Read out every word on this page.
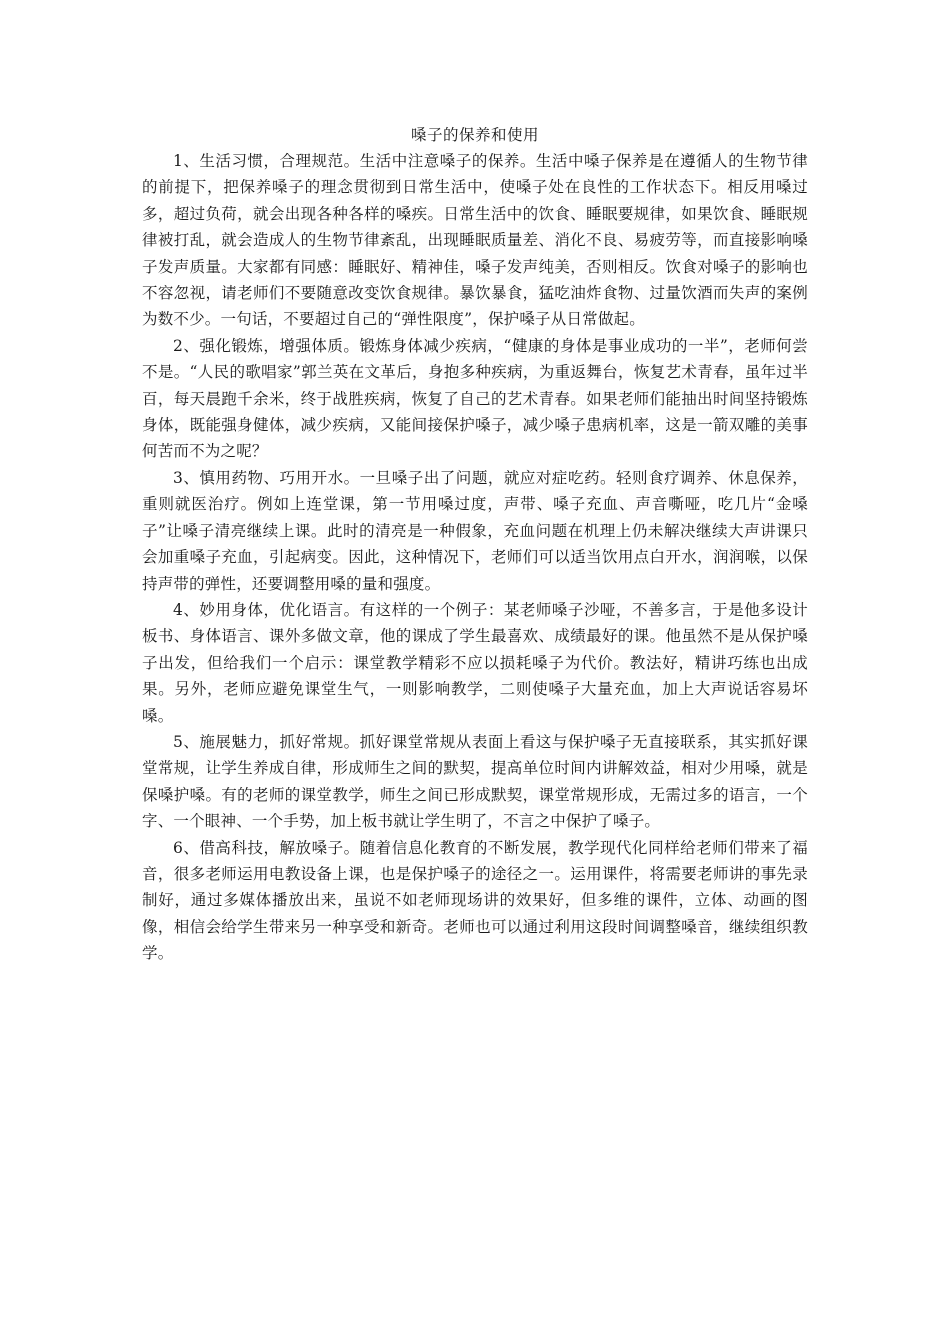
嗓子的保养和使用

1、生活习惯，合理规范。生活中注意嗓子的保养。生活中嗓子保养是在遵循人的生物节律的前提下，把保养嗓子的理念贯彻到日常生活中，使嗓子处在良性的工作状态下。相反用嗓过多，超过负荷，就会出现各种各样的嗓疾。日常生活中的饮食、睡眠要规律，如果饮食、睡眠规律被打乱，就会造成人的生物节律紊乱，出现睡眠质量差、消化不良、易疲劳等，而直接影响嗓子发声质量。大家都有同感：睡眠好、精神佳，嗓子发声纯美，否则相反。饮食对嗓子的影响也不容忽视，请老师们不要随意改变饮食规律。暴饮暴食，猛吃油炸食物、过量饮酒而失声的案例为数不少。一句话，不要超过自己的“弹性限度”，保护嗓子从日常做起。

2、强化锻炼，增强体质。锻炼身体减少疾病，“健康的身体是事业成功的一半”，老师何尝不是。“人民的歌唱家”郭兰英在文革后，身抱多种疾病，为重返舞台，恢复艺术青春，虽年过半百，每天晨跑千余米，终于战胜疾病，恢复了自己的艺术青春。如果老师们能抽出时间坚持锻炼身体，既能强身健体，减少疾病，又能间接保护嗓子，减少嗓子患病机率，这是一箭双雕的美事何苦而不为之呢？

3、慎用药物、巧用开水。一旦嗓子出了问题，就应对症吃药。轻则食疗调养、休息保养，重则就医治疗。例如上连堂课，第一节用嗓过度，声带、嗓子充血、声音嘶哑，吃几片“金嗓子”让嗓子清亮继续上课。此时的清亮是一种假象，充血问题在机理上仍未解决继续大声讲课只会加重嗓子充血，引起病变。因此，这种情况下，老师们可以适当饮用点白开水，润润喉，以保持声带的弹性，还要调整用嗓的量和强度。

4、妙用身体，优化语言。有这样的一个例子：某老师嗓子沙哑，不善多言，于是他多设计板书、身体语言、课外多做文章，他的课成了学生最喜欢、成绩最好的课。他虽然不是从保护嗓子出发，但给我们一个启示：课堂教学精彩不应以损耗嗓子为代价。教法好，精讲巧练也出成果。另外，老师应避免课堂生气，一则影响教学，二则使嗓子大量充血，加上大声说话容易坏嗓。

5、施展魅力，抓好常规。抓好课堂常规从表面上看这与保护嗓子无直接联系，其实抓好课堂常规，让学生养成自律，形成师生之间的默契，提高单位时间内讲解效益，相对少用嗓，就是保嗓护嗓。有的老师的课堂教学，师生之间已形成默契，课堂常规形成，无需过多的语言，一个字、一个眼神、一个手势，加上板书就让学生明了，不言之中保护了嗓子。

6、借高科技，解放嗓子。随着信息化教育的不断发展，教学现代化同样给老师们带来了福音，很多老师运用电教设备上课，也是保护嗓子的途径之一。运用课件，将需要老师讲的事先录制好，通过多媒体播放出来，虽说不如老师现场讲的效果好，但多维的课件，立体、动画的图像，相信会给学生带来另一种享受和新奇。老师也可以通过利用这段时间调整嗓音，继续组织教学。
